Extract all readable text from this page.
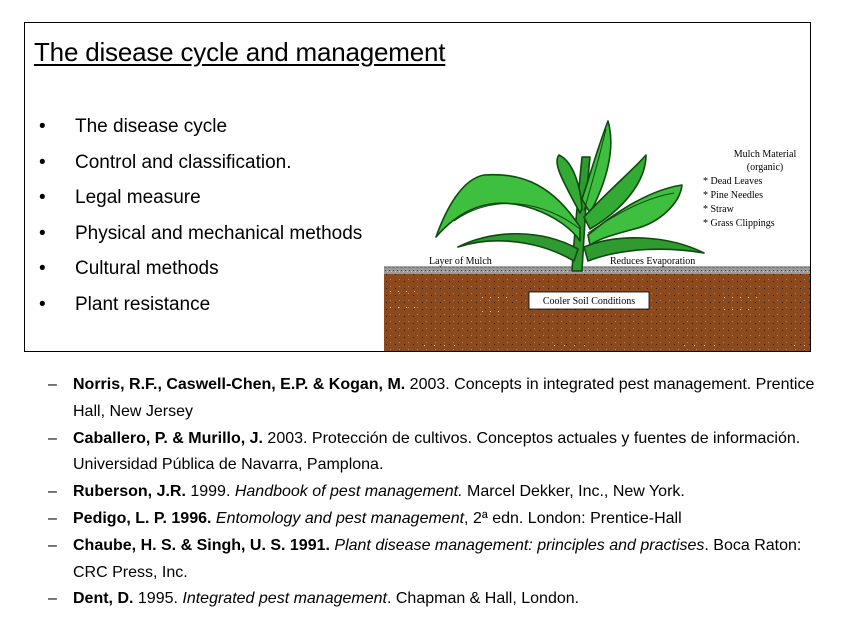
The disease cycle and management
• The disease cycle
• Control and classification.
• Legal measure
• Physical and mechanical methods
• Cultural methods
• Plant resistance
Mulch Material
(organic)
* Dead Leaves
* Pine Needles
* Straw
* Grass Clippings
Layer of Mulch	Reduces Evaporation
Cooler Soil Conditions
– Norris, R.F., Caswell-Chen, E.P. & Kogan, M. 2003. Concepts in integrated pest management. Prentice Hall, New Jersey
– Caballero, P. & Murillo, J. 2003. Protección de cultivos. Conceptos actuales y fuentes de información. Universidad Pública de Navarra, Pamplona.
– Ruberson, J.R. 1999. Handbook of pest management. Marcel Dekker, Inc., New York.
– Pedigo, L. P. 1996. Entomology and pest management, 2ª edn. London: Prentice-Hall
– Chaube, H. S. & Singh, U. S. 1991. Plant disease management: principles and practises. Boca Raton: CRC Press, Inc.
– Dent, D. 1995. Integrated pest management. Chapman & Hall, London.
